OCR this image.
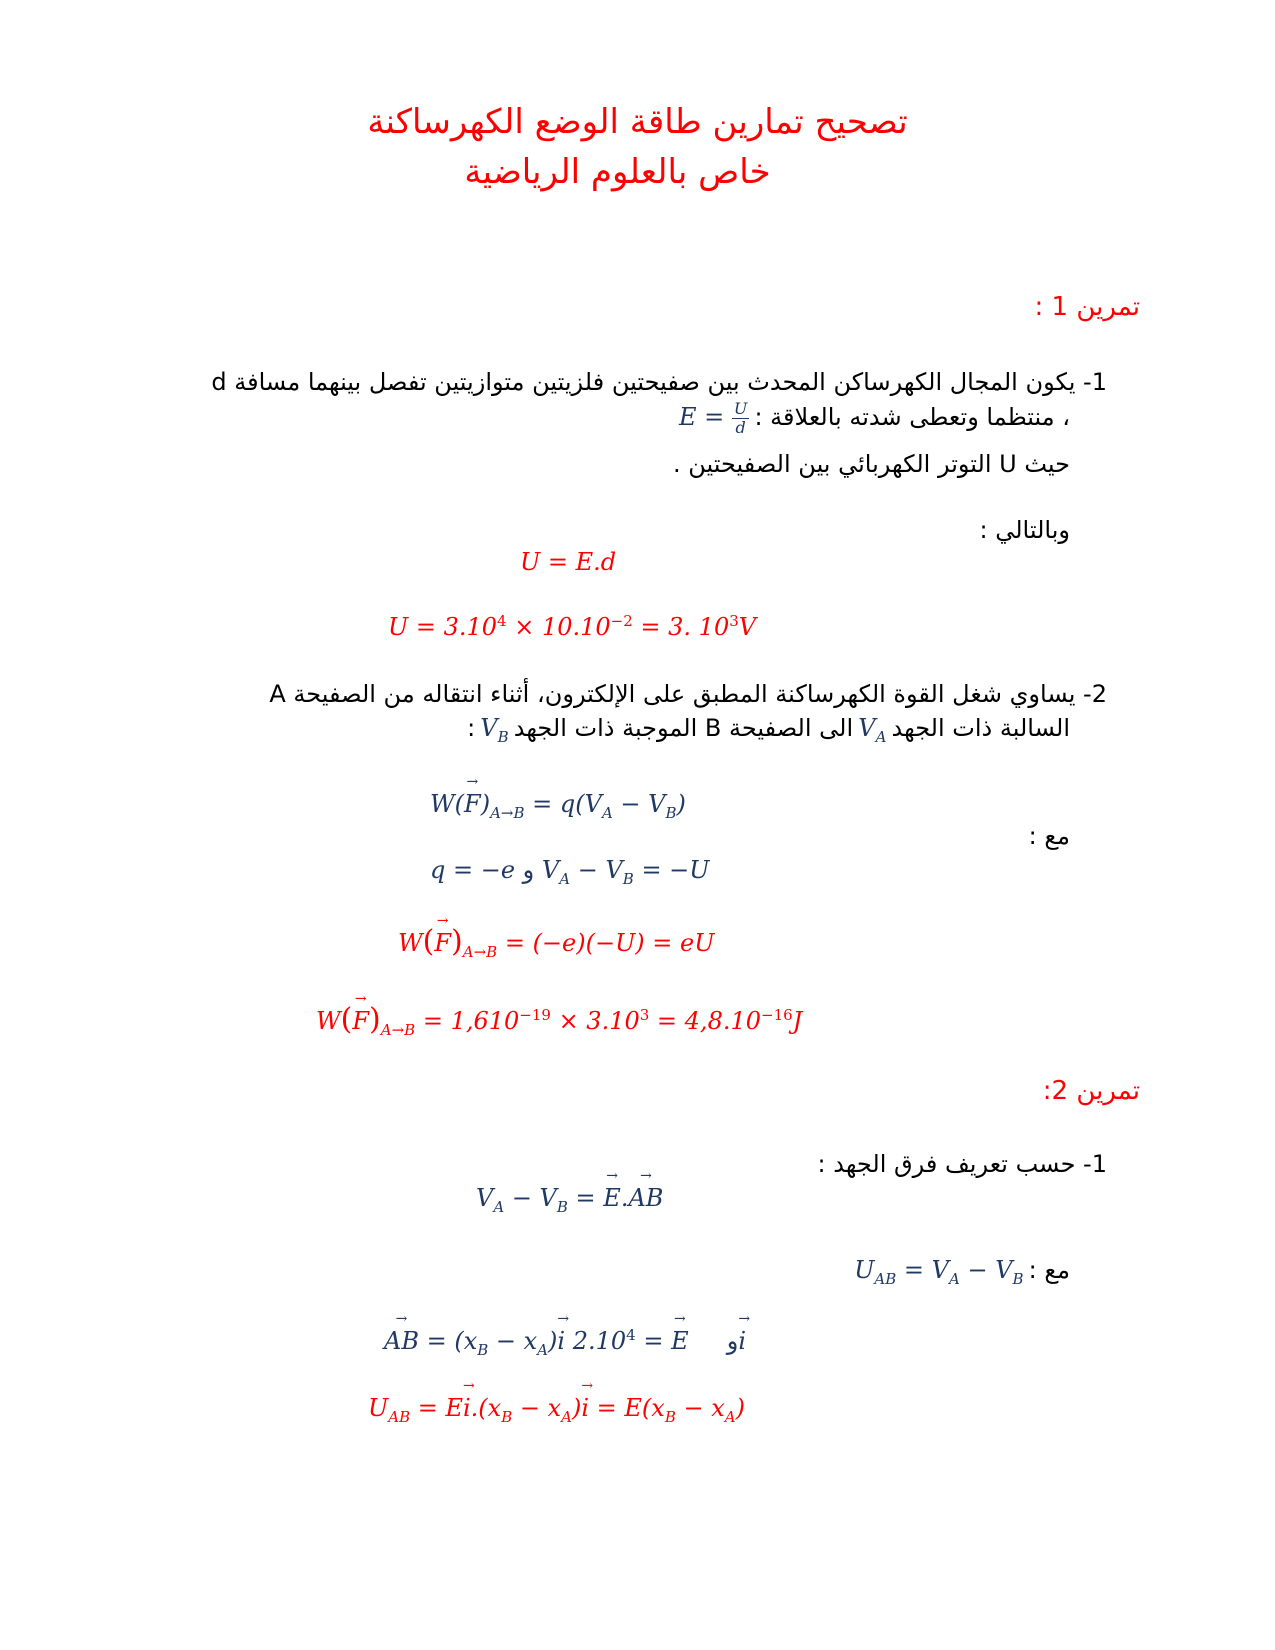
تصحيح تمارين طاقة الوضع الكهرساكنة
خاص بالعلوم الرياضية
تمرين 1 :
1- يكون المجال الكهرساكن المحدث بين صفيحتين فلزيتين متوازيتين تفصل بينهما مسافة d
، منتظما وتعطى شدته بالعلاقة : $E = \frac{U}{d}$
حيث U التوتر الكهربائي بين الصفيحتين .
وبالتالي :
U = E.d
$U = 3.10^4 \times 10.10^{-2} = 3$. $10^3V$
2- يساوي شغل القوة الكهرساكنة المطبق على الإلكترون، أثناء انتقاله من الصفيحة A
السالبة ذات الجهد $V_A$ الى الصفيحة B الموجبة ذات الجهد $V_B$ :
$W(\to F)_{A\to B} = q(V_A - V_B)$
مع :
q = −e و $V_A - V_B = -U$
$W(\to F)_{A\to B} = (-e)(-U)$ = eU
$W(\to F)_{A\to B} = 1,610^{-19} \times 3.10^3 = 4,8.10^{-16}J$
تمرين 2:
1- حسب تعريف فرق الجهد :
$V_A - V_B$ = → E.→ AB
مع : $U_{AB} = V_A - V_B$
→ AB = $(x_B - x_A)\to i$	و     → $E = 2.10^4\to$	i
$U_{AB} = E\to i.(x_B - x_A)\to i = E(x_B - x_A)$
